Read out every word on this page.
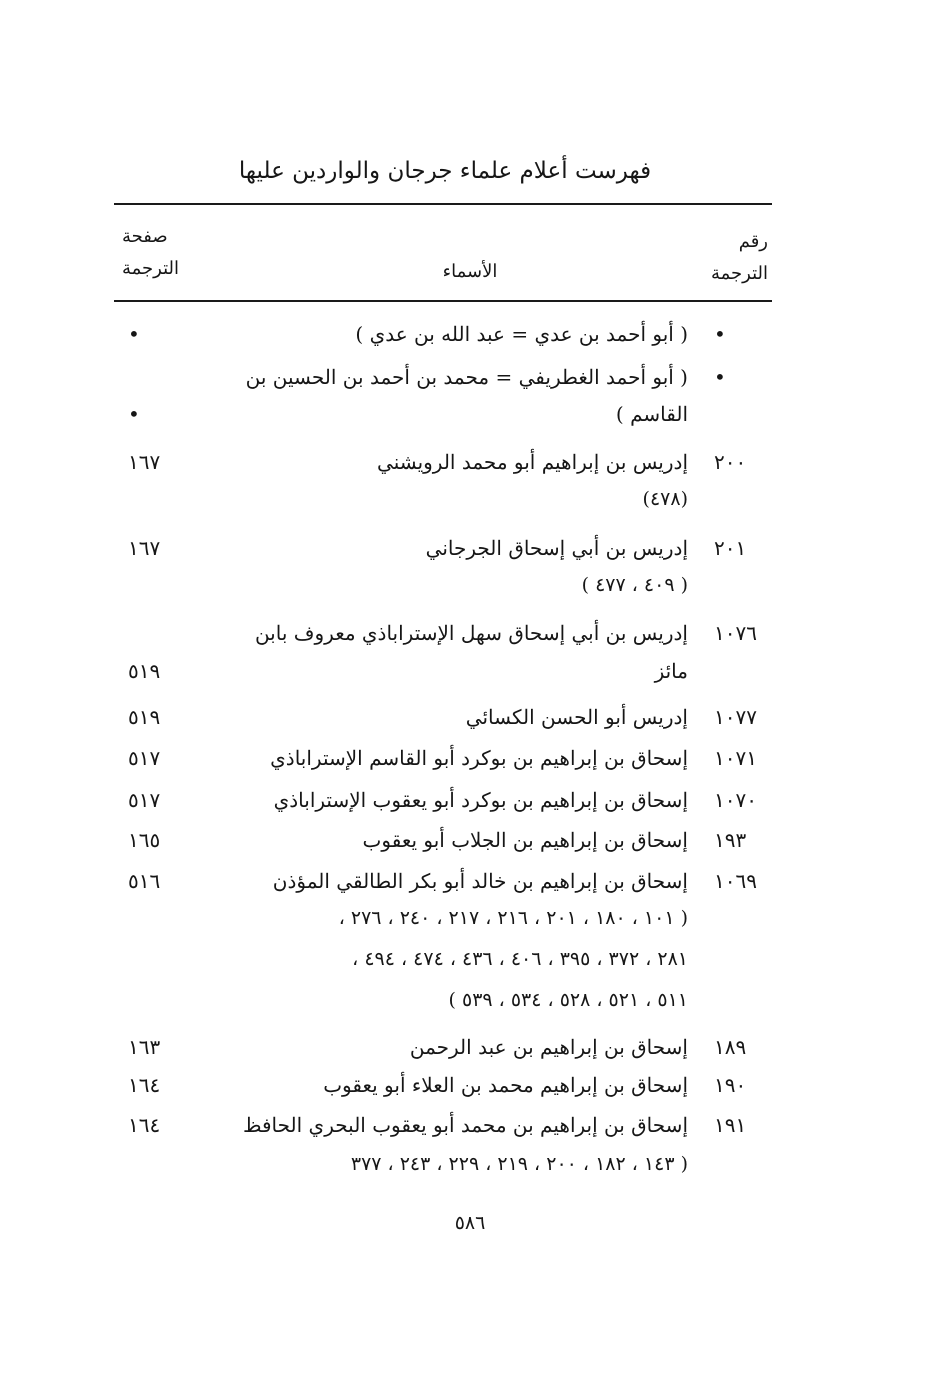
فهرست أعلام علماء جرجان والواردين عليها
رقم
الترجمة
الأسماء
صفحة
الترجمة
•
( أبو أحمد بن عدي = عبد الله بن عدي )
•
•
( أبو أحمد الغطريفي = محمد بن أحمد بن الحسين بن
القاسم )
•
٢٠٠
إدريس بن إبراهيم أبو محمد الرويشني
١٦٧
(٤٧٨)
٢٠١
إدريس بن أبي إسحاق الجرجاني
١٦٧
( ٤٠٩ ، ٤٧٧ )
١٠٧٦
إدريس بن أبي إسحاق سهل الإستراباذي معروف بابن
مائز
٥١٩
١٠٧٧
إدريس أبو الحسن الكسائي
٥١٩
١٠٧١
إسحاق بن إبراهيم بن بوكرد أبو القاسم الإستراباذي
٥١٧
١٠٧٠
إسحاق بن إبراهيم بن بوكرد أبو يعقوب الإستراباذي
٥١٧
١٩٣
إسحاق بن إبراهيم بن الجلاب أبو يعقوب
١٦٥
١٠٦٩
إسحاق بن إبراهيم بن خالد أبو بكر الطالقي المؤذن
٥١٦
( ١٠١ ، ١٨٠ ، ٢٠١ ، ٢١٦ ، ٢١٧ ، ٢٤٠ ، ٢٧٦ ،
٢٨١ ، ٣٧٢ ، ٣٩٥ ، ٤٠٦ ، ٤٣٦ ، ٤٧٤ ، ٤٩٤ ،
٥١١ ، ٥٢١ ، ٥٢٨ ، ٥٣٤ ، ٥٣٩ )
١٨٩
إسحاق بن إبراهيم بن عبد الرحمن
١٦٣
١٩٠
إسحاق بن إبراهيم محمد بن العلاء أبو يعقوب
١٦٤
١٩١
إسحاق بن إبراهيم بن محمد أبو يعقوب البحري الحافظ
١٦٤
( ١٤٣ ، ١٨٢ ، ٢٠٠ ، ٢١٩ ، ٢٢٩ ، ٢٤٣ ، ٣٧٧
٥٨٦
